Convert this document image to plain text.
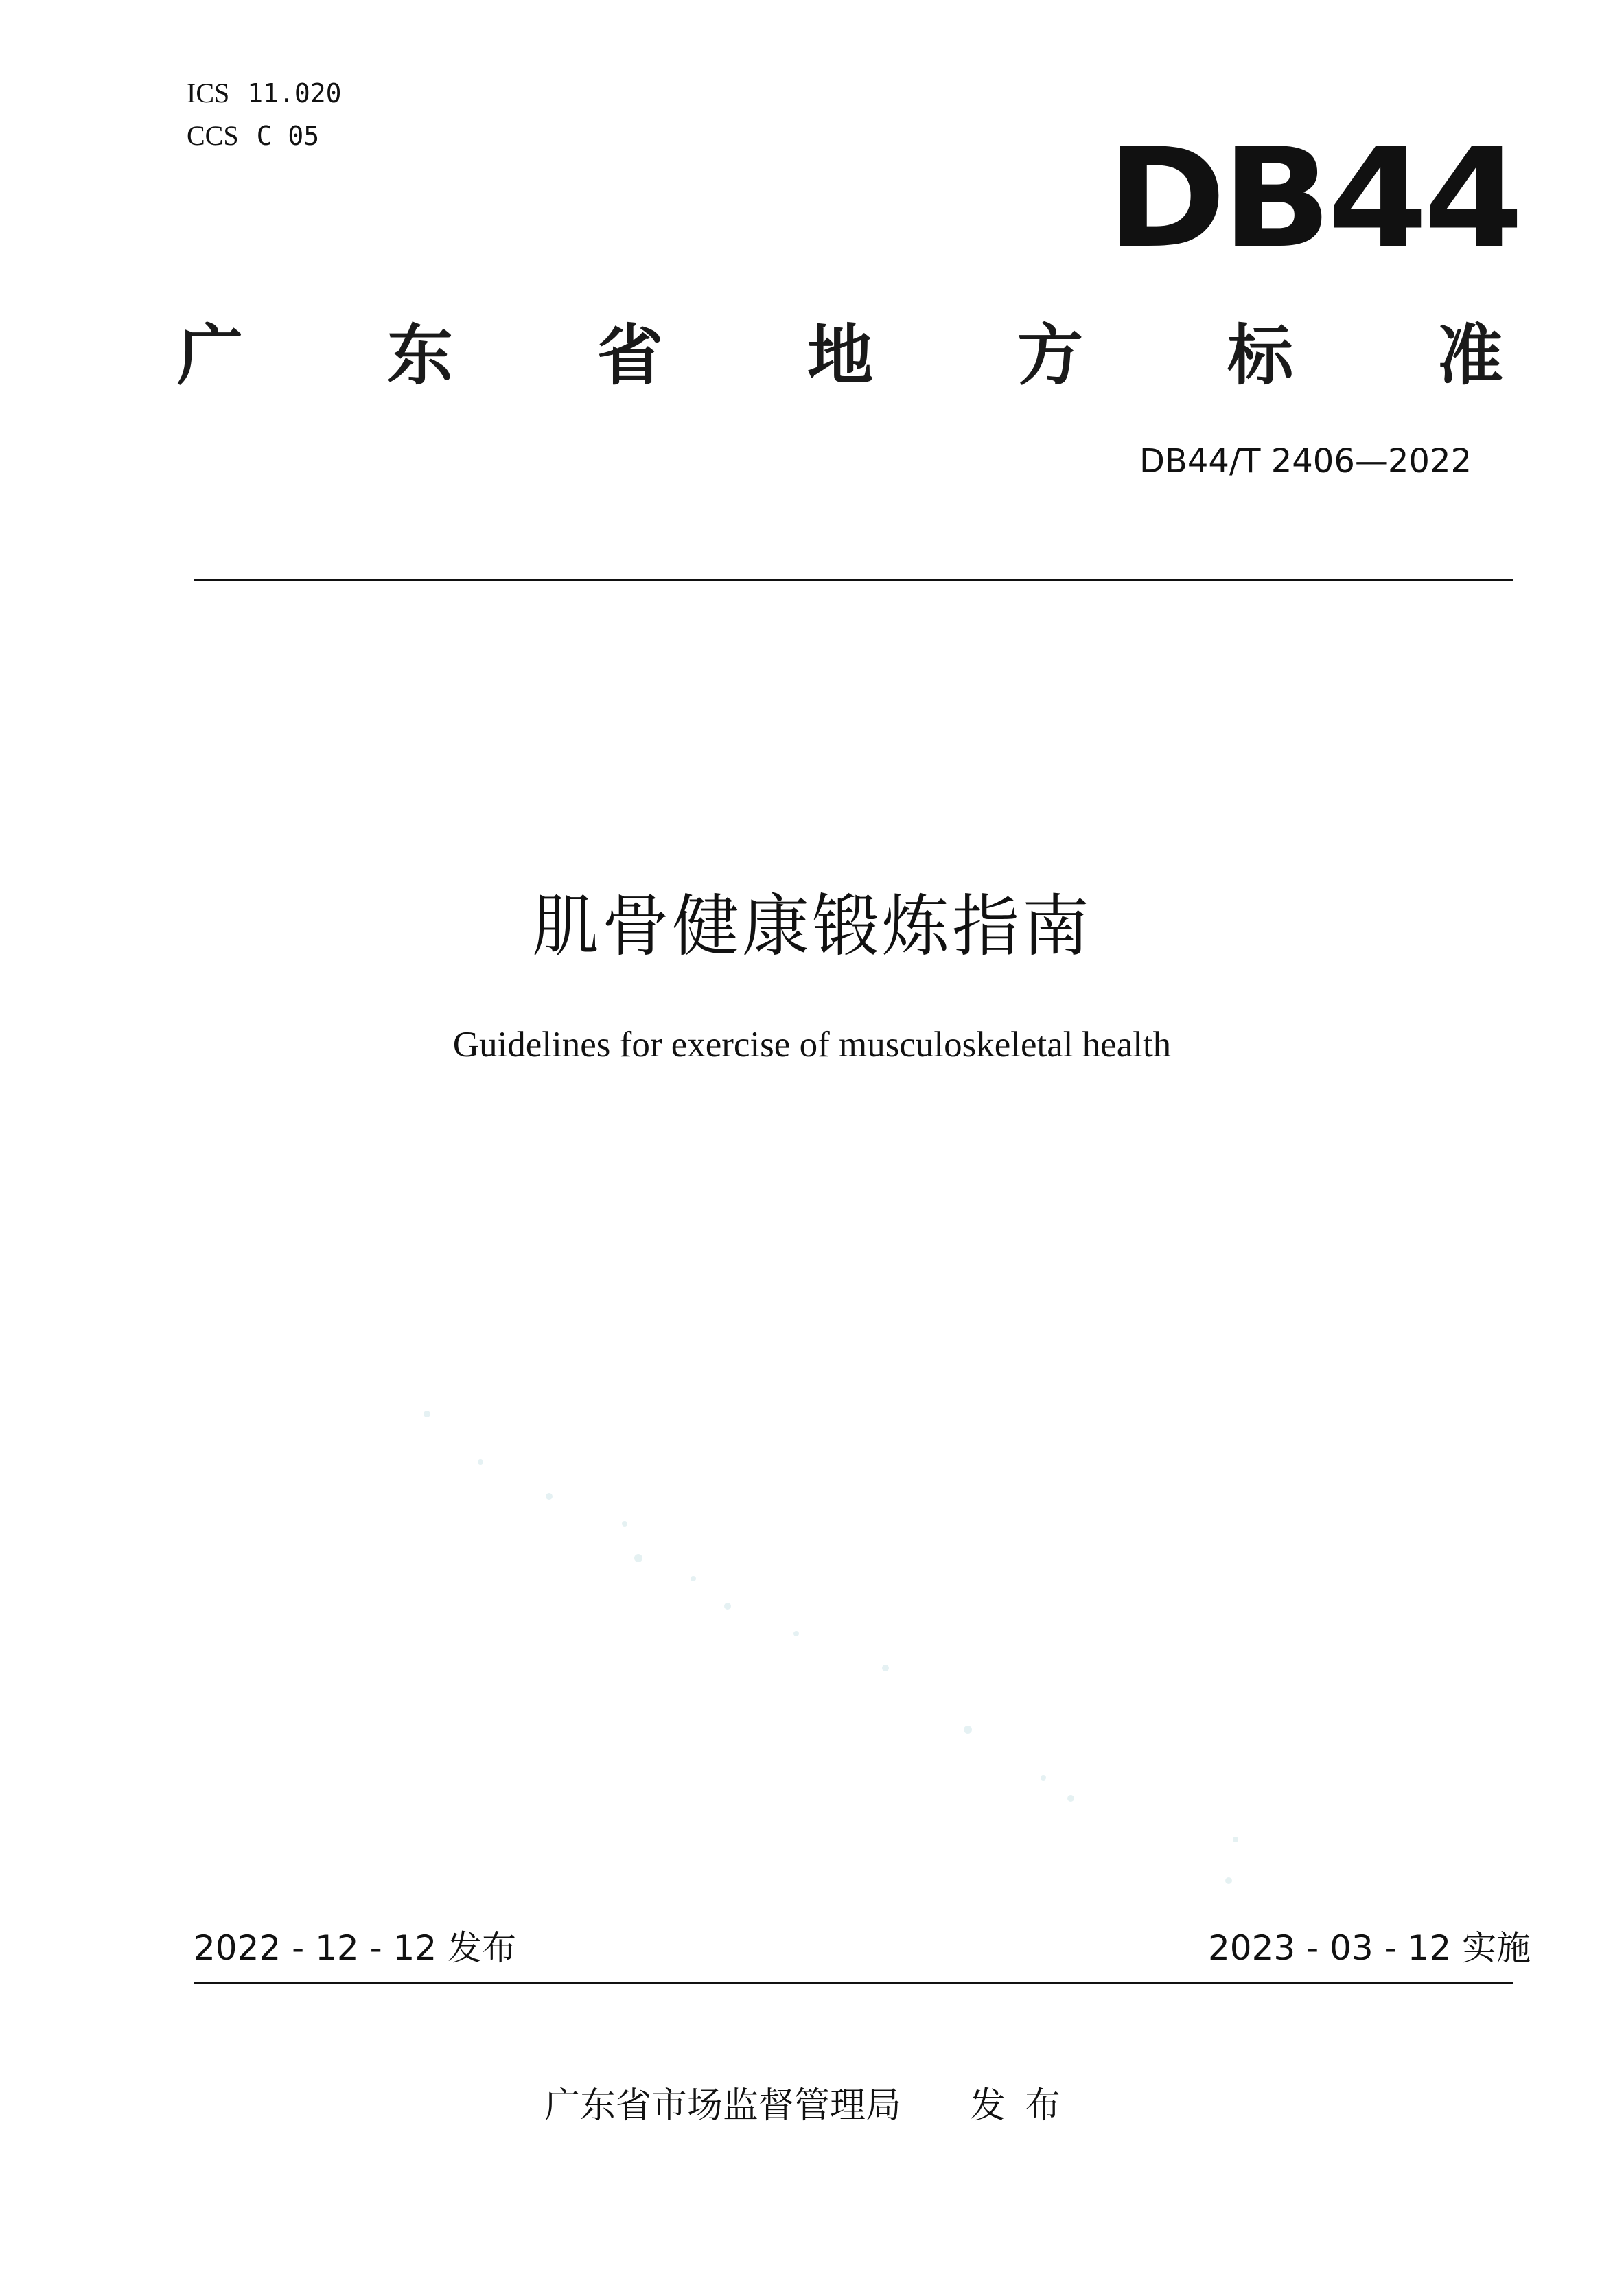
ICS 11.020
CCS C 05	DB44
广 东 省 地 方 标 准
DB44/T 2406—2022
肌骨健康锻炼指南
Guidelines for exercise of musculoskeletal health
2022 - 12 - 12 发布	2023 - 03 - 12 实施
广东省市场监督管理局 发布
